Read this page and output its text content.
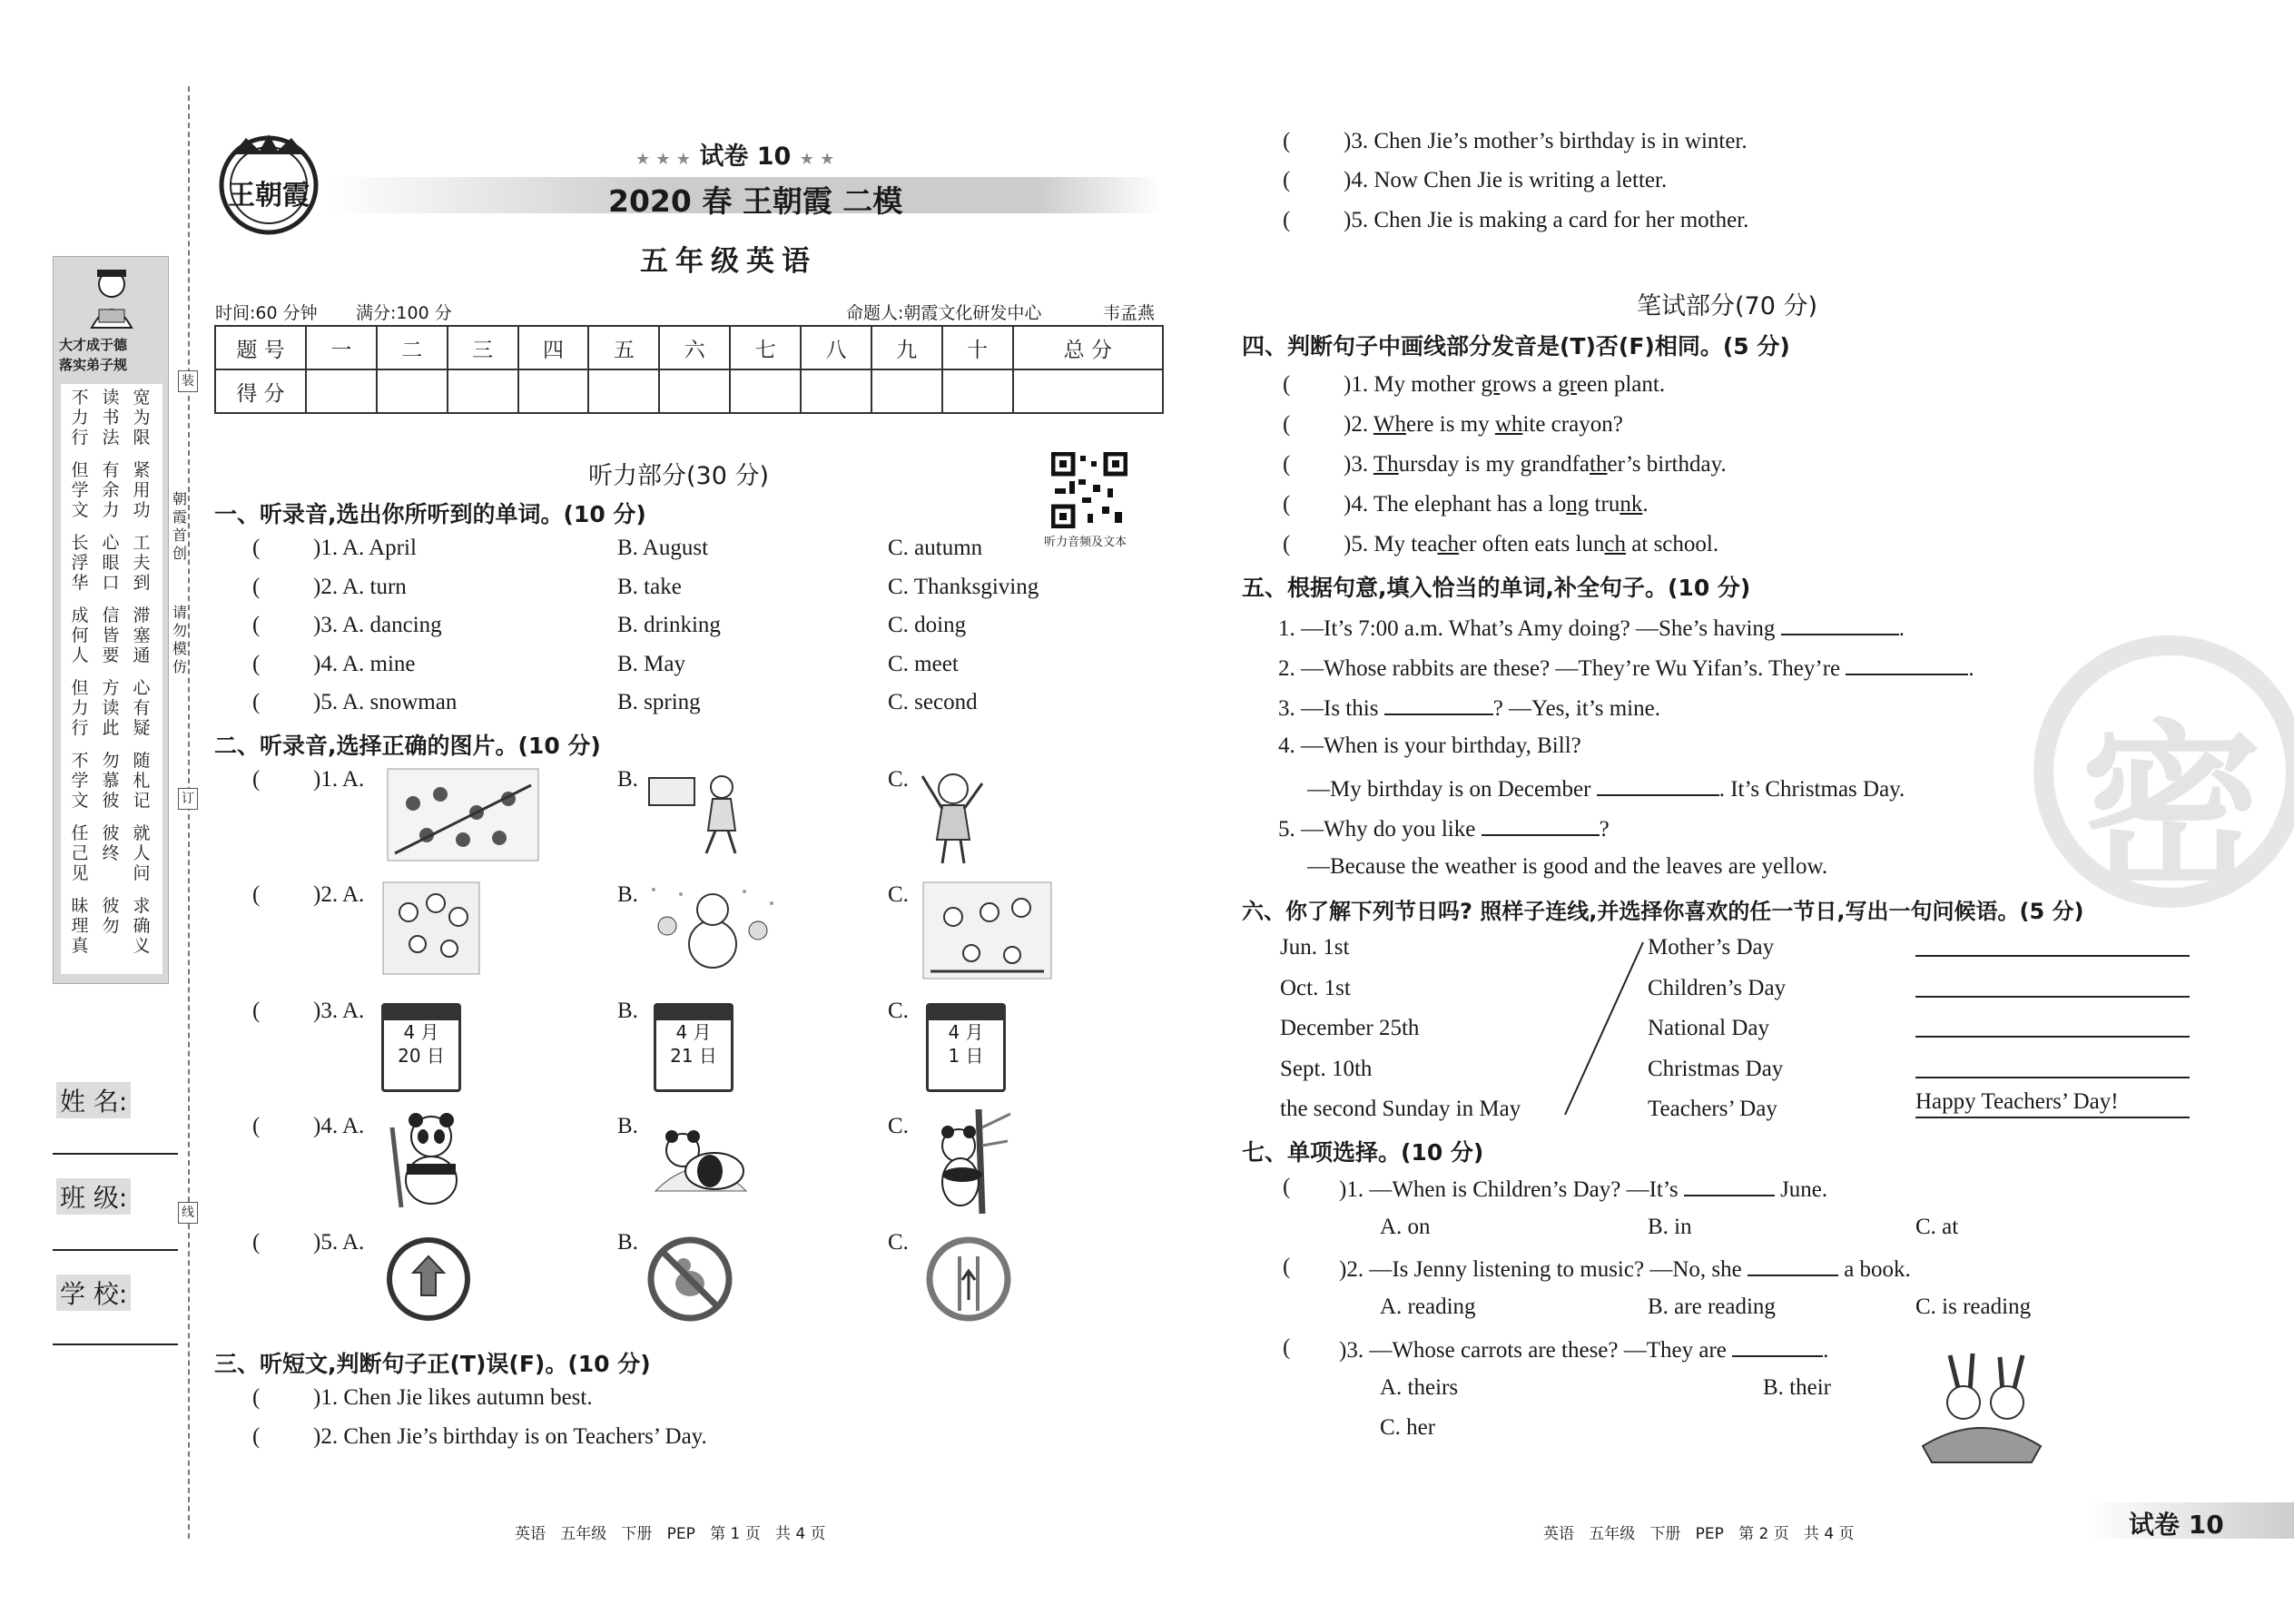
大才成于德
落实弟子规
不力行
读书法
宽为限
但学文
有余力
紧用功
长浮华
心眼口
工夫到
成何人
信皆要
滞塞通
但力行
方读此
心有疑
不学文
勿慕彼
随札记
任己见
彼终
就人问
昧理真
彼勿
求确义
朝霞首创
请勿模仿
装
订
线
姓 名:
班 级:
学 校:
王朝霞
★ ★ ★ 试卷 10 ★ ★
2020 春 王朝霞 二模
五年级英语
时间:60 分钟 满分:100 分	命题人:朝霞文化研发中心	韦孟燕
题 号	一	二	三	四	五	六	七	八	九	十	总 分
得 分											
听力部分(30 分)
听力音频及文本
一、听录音,选出你所听到的单词。(10 分)
( )1. A. April	B. August	C. autumn
( )2. A. turn	B. take	C. Thanksgiving
( )3. A. dancing	B. drinking	C. doing
( )4. A. mine	B. May	C. meet
( )5. A. snowman	B. spring	C. second
二、听录音,选择正确的图片。(10 分)
( )1. A.	B.	C.
( )2. A.	B.	C.
( )3. A.	B.	C.
( )4. A.	B.	C.
( )5. A.	B.	C.
4 月
20 日
4 月
21 日
4 月
1 日
三、听短文,判断句子正(T)误(F)。(10 分)
( )1. Chen Jie likes autumn best.
( )2. Chen Jie’s birthday is on Teachers’ Day.
( )3. Chen Jie’s mother’s birthday is in winter.
( )4. Now Chen Jie is writing a letter.
( )5. Chen Jie is making a card for her mother.
英语   五年级   下册   PEP   第 1 页   共 4 页
笔试部分(70 分)
四、判断句子中画线部分发音是(T)否(F)相同。(5 分)
( )1. My mother grows a green plant.
( )2. Where is my white crayon?
( )3. Thursday is my grandfather’s birthday.
( )4. The elephant has a long trunk.
( )5. My teacher often eats lunch at school.
五、根据句意,填入恰当的单词,补全句子。(10 分)
1. —It’s 7:00 a.m. What’s Amy doing? —She’s having	.
2. —Whose rabbits are these? —They’re Wu Yifan’s. They’re	.
3. —Is this	? —Yes, it’s mine.
4. —When is your birthday, Bill?
—My birthday is on December	. It’s Christmas Day.
5. —Why do you like	?
—Because the weather is good and the leaves are yellow.
六、你了解下列节日吗? 照样子连线,并选择你喜欢的任一节日,写出一句问候语。(5 分)
Jun. 1st	Mother’s Day
Oct. 1st	Children’s Day
December 25th	National Day
Sept. 10th	Christmas Day
the second Sunday in May	Teachers’ Day	Happy Teachers’ Day!
七、单项选择。(10 分)
( )1. —When is Children’s Day? —It’s	June.
A. on	B. in	C. at
( )2. —Is Jenny listening to music? —No, she	a book.
A. reading	B. are reading	C. is reading
( )3. —Whose carrots are these? —They are	.
A. theirs	B. their
C. her
密
英语   五年级   下册   PEP   第 2 页   共 4 页	试卷 10
